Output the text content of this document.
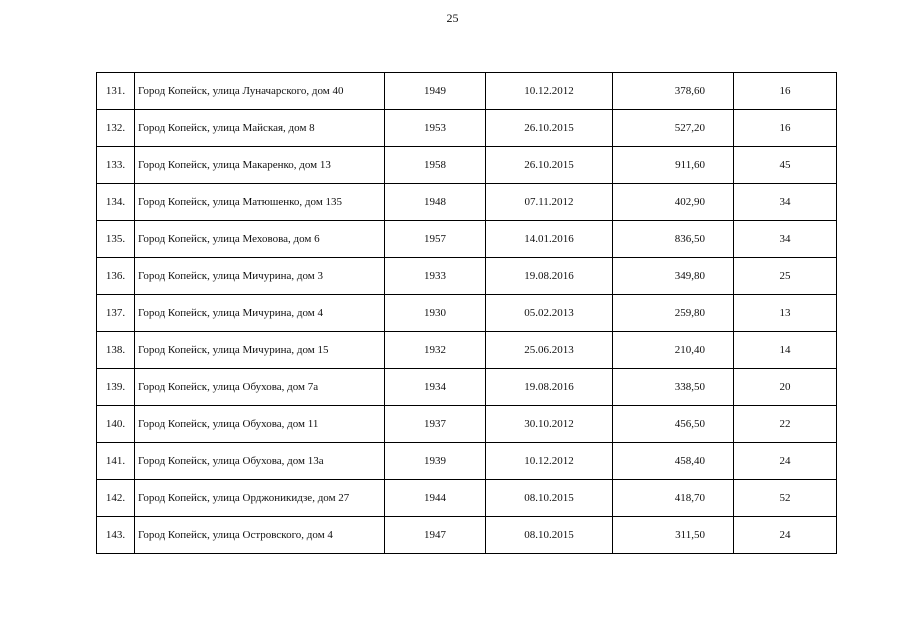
25
131.	Город Копейск, улица Луначарского, дом 40	1949	10.12.2012	378,60	16
132.	Город Копейск, улица Майская, дом 8	1953	26.10.2015	527,20	16
133.	Город Копейск, улица Макаренко, дом 13	1958	26.10.2015	911,60	45
134.	Город Копейск, улица Матюшенко, дом 135	1948	07.11.2012	402,90	34
135.	Город Копейск, улица Меховова, дом 6	1957	14.01.2016	836,50	34
136.	Город Копейск, улица Мичурина, дом 3	1933	19.08.2016	349,80	25
137.	Город Копейск, улица Мичурина, дом 4	1930	05.02.2013	259,80	13
138.	Город Копейск, улица Мичурина, дом 15	1932	25.06.2013	210,40	14
139.	Город Копейск, улица Обухова, дом 7а	1934	19.08.2016	338,50	20
140.	Город Копейск, улица Обухова, дом 11	1937	30.10.2012	456,50	22
141.	Город Копейск, улица Обухова, дом 13а	1939	10.12.2012	458,40	24
142.	Город Копейск, улица Орджоникидзе, дом 27	1944	08.10.2015	418,70	52
143.	Город Копейск, улица Островского, дом 4	1947	08.10.2015	311,50	24
